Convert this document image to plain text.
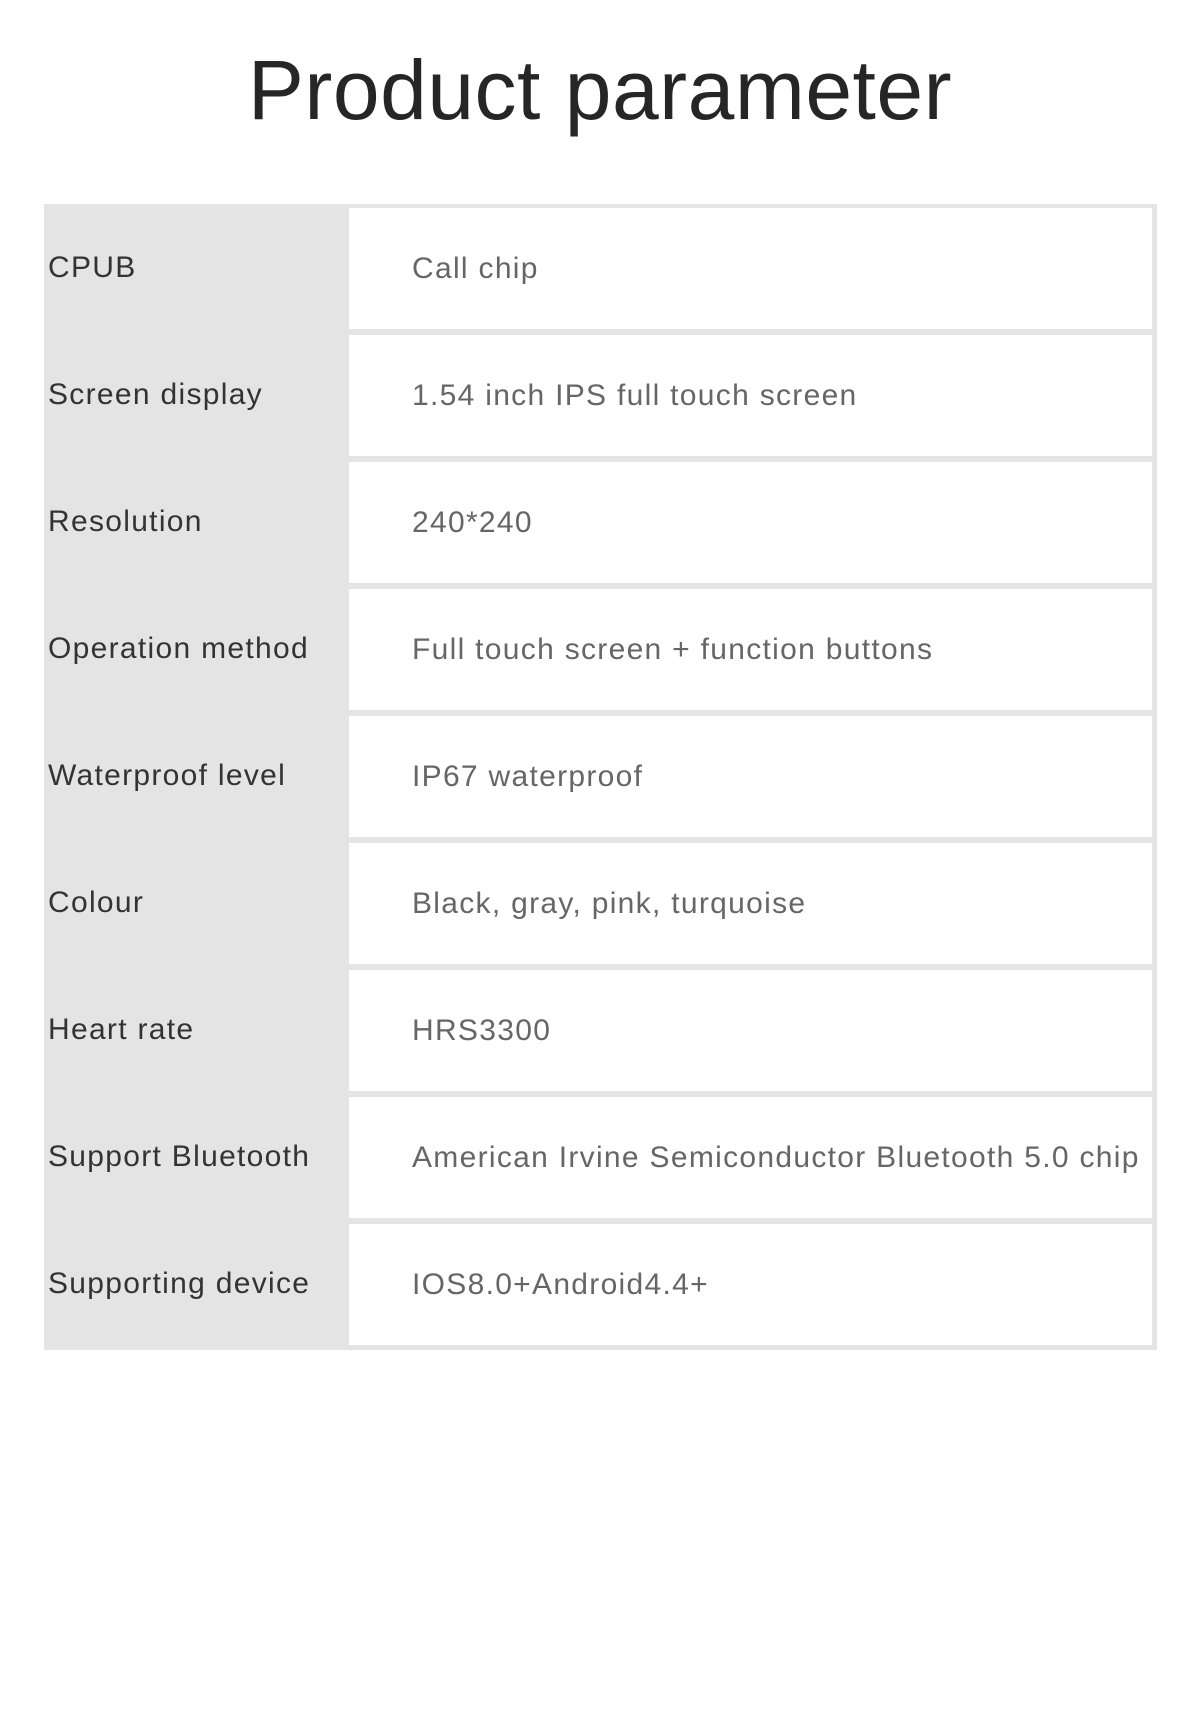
Product parameter
CPUB	Call chip
Screen display	1.54 inch IPS full touch screen
Resolution	240*240
Operation method	Full touch screen + function buttons
Waterproof level	IP67 waterproof
Colour	Black, gray, pink, turquoise
Heart rate	HRS3300
Support Bluetooth	American Irvine Semiconductor Bluetooth 5.0 chip
Supporting device	IOS8.0+Android4.4+
